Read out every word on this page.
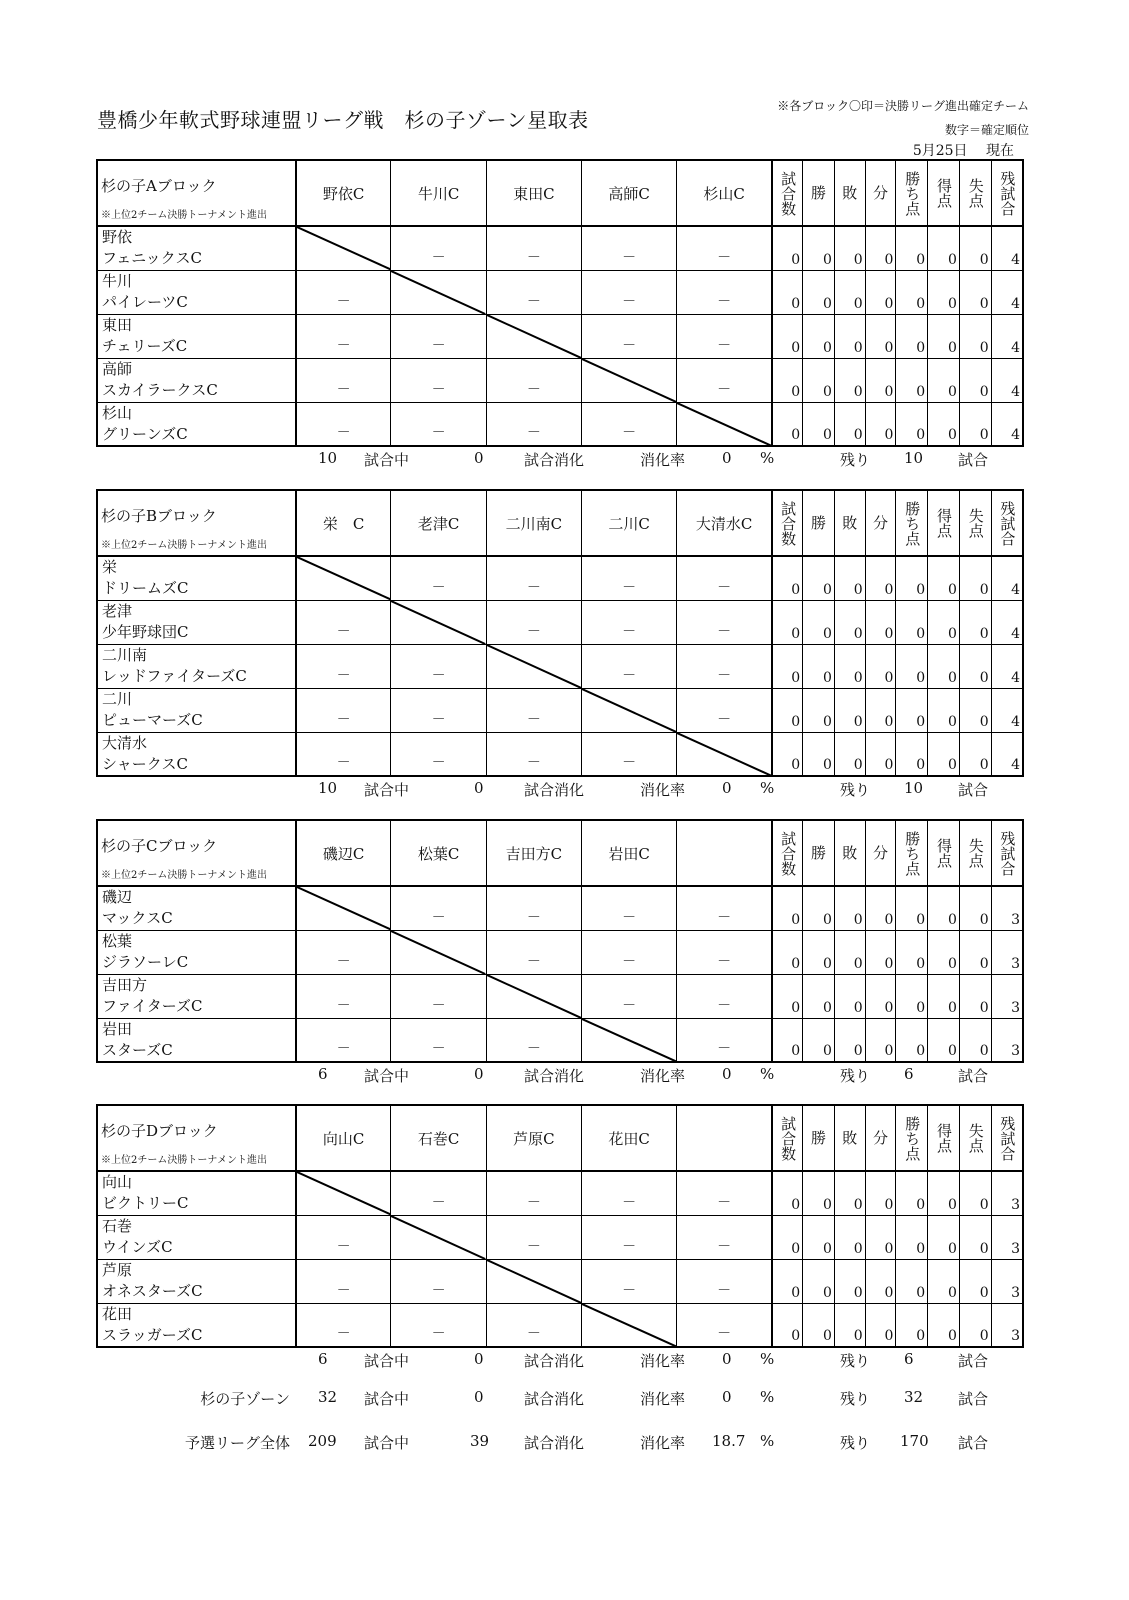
豊橋少年軟式野球連盟リーグ戦　杉の子ゾーン星取表
※各ブロック〇印＝決勝リーグ進出確定チーム
数字＝確定順位
5月25日　 現在
杉の子Aブロック
※上位2チーム決勝トーナメント進出	野依C	牛川C	東田C	高師C	杉山C	試合数	勝	敗	分	勝ち点	得点	失点	残試合

野依
フェニックスC		－	－	－	－	0	0	0	0	0	0	0	4

牛川
パイレーツC	－		－	－	－	0	0	0	0	0	0	0	4

東田
チェリーズC	－	－		－	－	0	0	0	0	0	0	0	4

高師
スカイラークスC	－	－	－		－	0	0	0	0	0	0	0	4

杉山
グリーンズC	－	－	－	－		0	0	0	0	0	0	0	4
10 試合中	0	試合消化	消化率 0 %	残り 10 試合
杉の子Bブロック
※上位2チーム決勝トーナメント進出	栄　C	老津C	二川南C	二川C	大清水C	試合数	勝	敗	分	勝ち点	得点	失点	残試合

栄
ドリームズC		－	－	－	－	0	0	0	0	0	0	0	4

老津
少年野球団C	－		－	－	－	0	0	0	0	0	0	0	4

二川南
レッドファイターズC	－	－		－	－	0	0	0	0	0	0	0	4

二川
ピューマーズC	－	－	－		－	0	0	0	0	0	0	0	4

大清水
シャークスC	－	－	－	－		0	0	0	0	0	0	0	4
10 試合中	0	試合消化	消化率 0 %	残り 10 試合
杉の子Cブロック
※上位2チーム決勝トーナメント進出	磯辺C	松葉C	吉田方C	岩田C		試合数	勝	敗	分	勝ち点	得点	失点	残試合

磯辺
マックスC		－	－	－	－	0	0	0	0	0	0	0	3

松葉
ジラソーレC	－		－	－	－	0	0	0	0	0	0	0	3

吉田方
ファイターズC	－	－		－	－	0	0	0	0	0	0	0	3

岩田
スターズC	－	－	－		－	0	0	0	0	0	0	0	3
6 試合中	0	試合消化	消化率 0 %	残り 6	試合
杉の子Dブロック
※上位2チーム決勝トーナメント進出	向山C	石巻C	芦原C	花田C		試合数	勝	敗	分	勝ち点	得点	失点	残試合

向山
ビクトリーC		－	－	－	－	0	0	0	0	0	0	0	3

石巻
ウインズC	－		－	－	－	0	0	0	0	0	0	0	3

芦原
オネスターズC	－	－		－	－	0	0	0	0	0	0	0	3

花田
スラッガーズC	－	－	－		－	0	0	0	0	0	0	0	3
6 試合中	0	試合消化	消化率 0 %	残り 6	試合
杉の子ゾーン 32 試合中	0	試合消化	消化率 0 %	残り 32 試合
予選リーグ全体 209 試合中	39 試合消化	消化率 18.7 %	残り 170 試合
